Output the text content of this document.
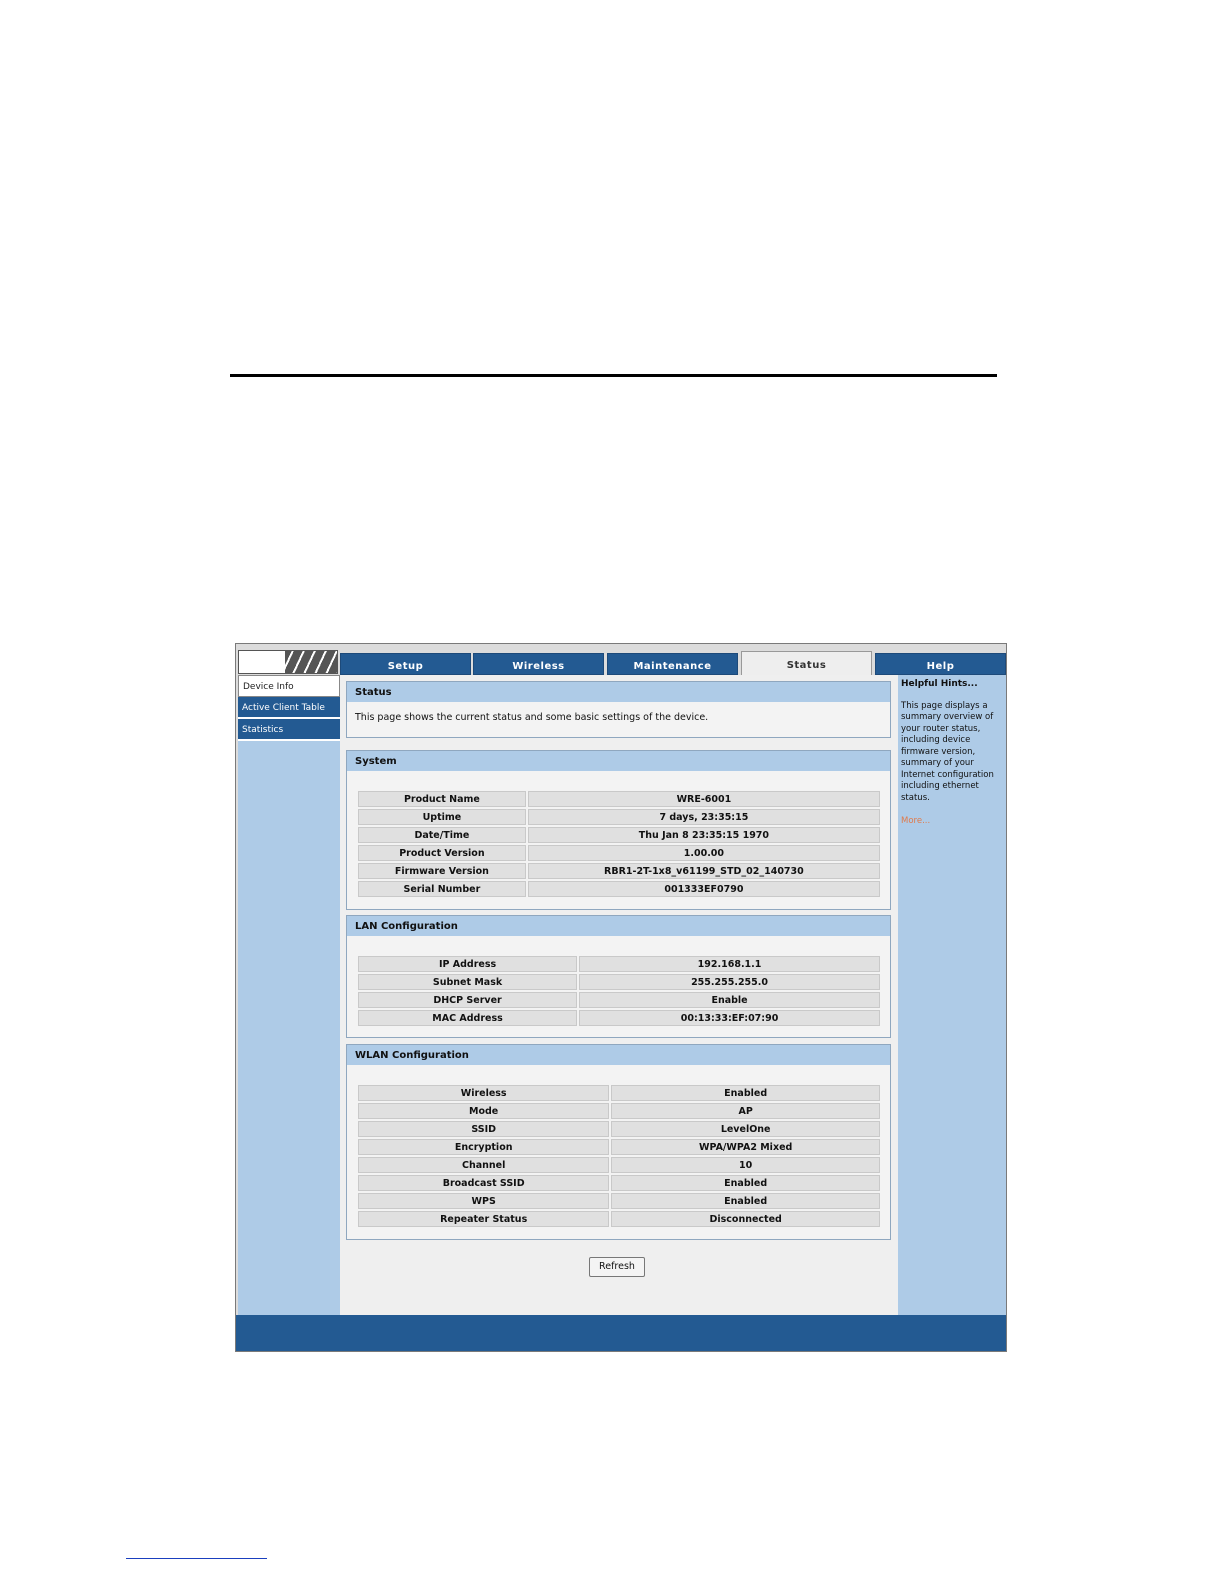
Setup	Wireless	Maintenance	Status	Help
Device Info
Active Client Table
Statistics
Status
This page shows the current status and some basic settings of the device.
System
Product Name	WRE-6001
Uptime	7 days, 23:35:15
Date/Time	Thu Jan 8 23:35:15 1970
Product Version	1.00.00
Firmware Version	RBR1-2T-1x8_v61199_STD_02_140730
Serial Number	001333EF0790
LAN Configuration
IP Address	192.168.1.1
Subnet Mask	255.255.255.0
DHCP Server	Enable
MAC Address	00:13:33:EF:07:90
WLAN Configuration
Wireless	Enabled
Mode	AP
SSID	LevelOne
Encryption	WPA/WPA2 Mixed
Channel	10
Broadcast SSID	Enabled
WPS	Enabled
Repeater Status	Disconnected
Refresh
Helpful Hints...
This page displays a summary overview of your router status, including device firmware version, summary of your Internet configuration including ethernet status.
More...
